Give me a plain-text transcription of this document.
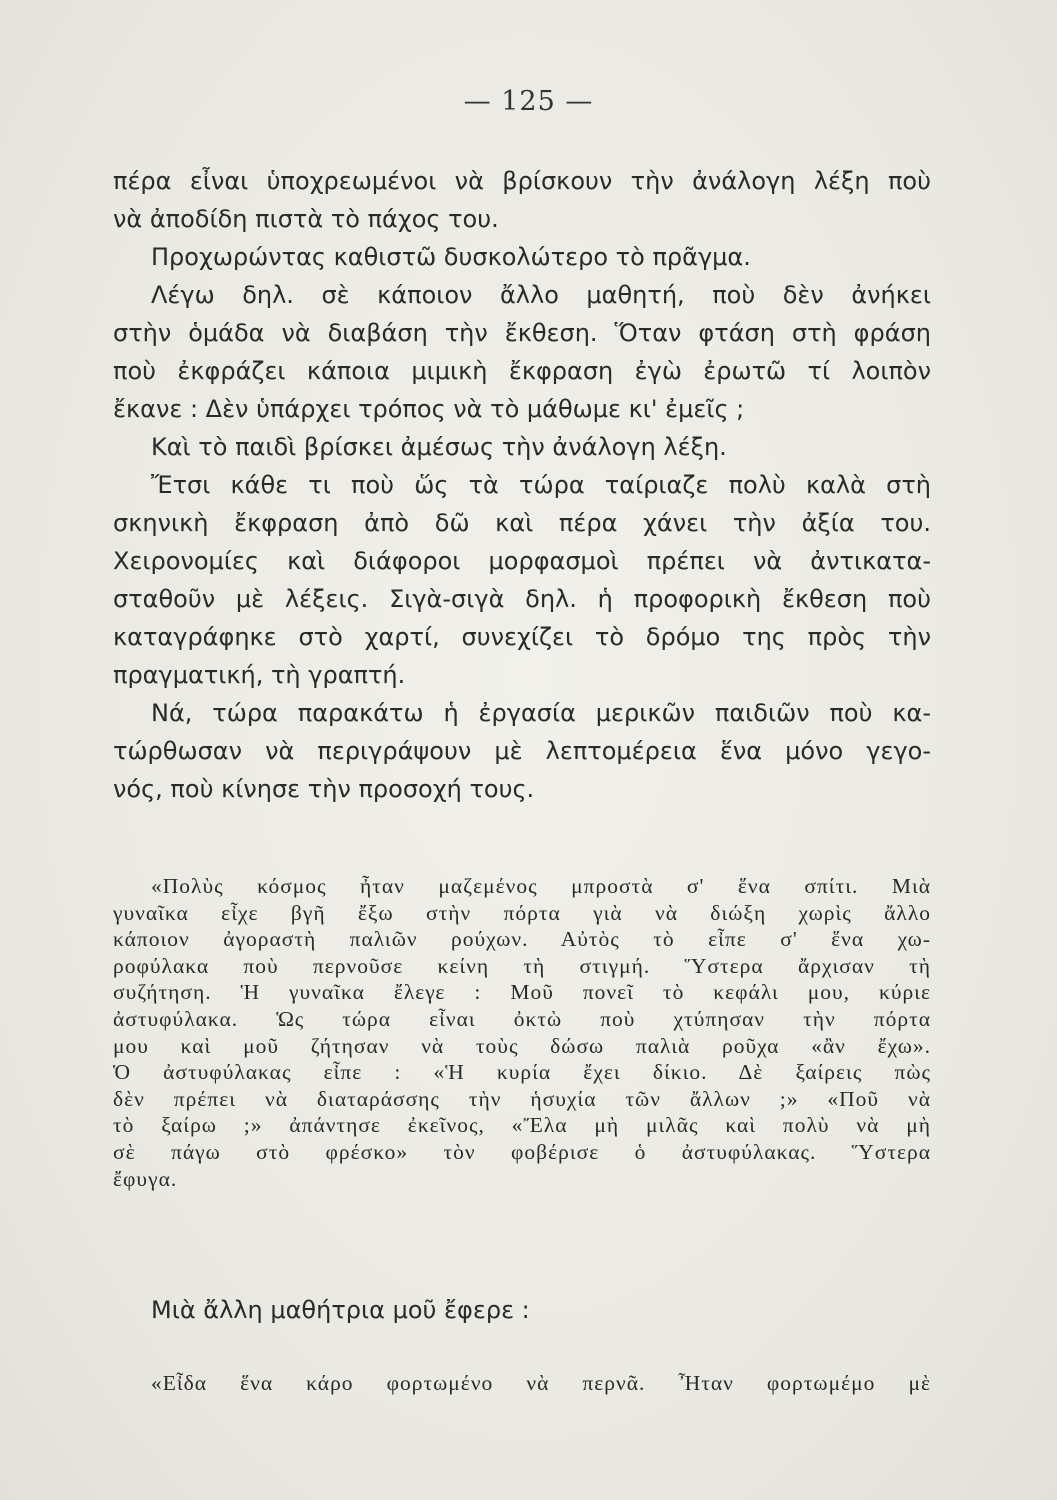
— 125 —

πέρα εἶναι ὑποχρεωμένοι νὰ βρίσκουν τὴν ἀνάλογη λέξη ποὺ
νὰ ἀποδίδη πιστὰ τὸ πάχος του.

Προχωρώντας καθιστῶ δυσκολώτερο τὸ πρᾶγμα.

Λέγω δηλ. σὲ κάποιον ἄλλο μαθητή, ποὺ δὲν ἀνήκει
στὴν ὁμάδα νὰ διαβάση τὴν ἔκθεση. Ὅταν φτάση στὴ φράση
ποὺ ἐκφράζει κάποια μιμικὴ ἔκφραση ἐγὼ ἐρωτῶ τί λοιπὸν
ἔκανε : Δὲν ὑπάρχει τρόπος νὰ τὸ μάθωμε κι' ἐμεῖς ;

Καὶ τὸ παιδὶ βρίσκει ἀμέσως τὴν ἀνάλογη λέξη.

Ἔτσι κάθε τι ποὺ ὥς τὰ τώρα ταίριαζε πολὺ καλὰ στὴ
σκηνικὴ ἔκφραση ἀπὸ δῶ καὶ πέρα χάνει τὴν ἀξία του.
Χειρονομίες καὶ διάφοροι μορφασμοὶ πρέπει νὰ ἀντικατα-
σταθοῦν μὲ λέξεις. Σιγὰ-σιγὰ δηλ. ἡ προφορικὴ ἔκθεση ποὺ
καταγράφηκε στὸ χαρτί, συνεχίζει τὸ δρόμο της πρὸς τὴν
πραγματική, τὴ γραπτή.

Νά, τώρα παρακάτω ἡ ἐργασία μερικῶν παιδιῶν ποὺ κα-
τώρθωσαν νὰ περιγράψουν μὲ λεπτομέρεια ἕνα μόνο γεγο-
νός, ποὺ κίνησε τὴν προσοχή τους.

«Πολὺς κόσμος ἦταν μαζεμένος μπροστὰ σ' ἕνα σπίτι. Μιὰ
γυναῖκα εἶχε βγῆ ἔξω στὴν πόρτα γιὰ νὰ διώξη χωρὶς ἄλλο
κάποιον ἀγοραστὴ παλιῶν ρούχων. Αὐτὸς τὸ εἶπε σ' ἕνα χω-
ροφύλακα ποὺ περνοῦσε κείνη τὴ στιγμή. Ὕστερα ἄρχισαν τὴ
συζήτηση. Ἡ γυναῖκα ἔλεγε : Μοῦ πονεῖ τὸ κεφάλι μου, κύριε
ἀστυφύλακα. Ὡς τώρα εἶναι ὀκτὼ ποὺ χτύπησαν τὴν πόρτα
μου καὶ μοῦ ζήτησαν νὰ τοὺς δώσω παλιὰ ροῦχα «ἂν ἔχω».
Ὁ ἀστυφύλακας εἶπε : «Ἡ κυρία ἔχει δίκιο. Δὲ ξαίρεις πὼς
δὲν πρέπει νὰ διαταράσσης τὴν ἡσυχία τῶν ἄλλων ;» «Ποῦ νὰ
τὸ ξαίρω ;» ἀπάντησε ἐκεῖνος, «Ἔλα μὴ μιλᾶς καὶ πολὺ νὰ μὴ
σὲ πάγω στὸ φρέσκο» τὸν φοβέρισε ὁ ἀστυφύλακας. Ὕστερα
ἔφυγα.
Μιὰ ἄλλη μαθήτρια μοῦ ἔφερε :
«Εἶδα ἕνα κάρο φορτωμένο νὰ περνᾶ. Ἦταν φορτωμέμο μὲ
